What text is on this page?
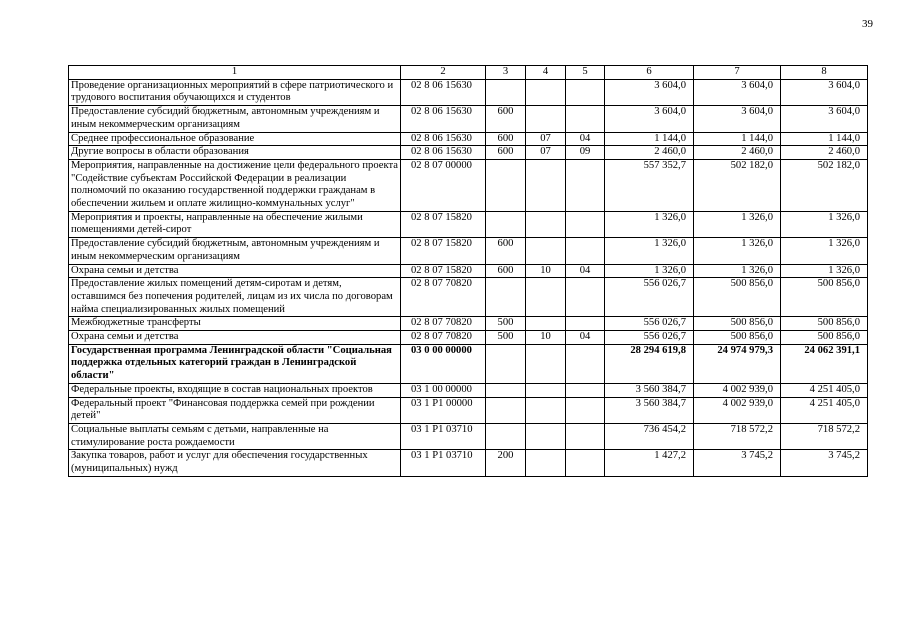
39
1	2	3	4	5	6	7	8
Проведение организационных мероприятий в сфере патриотического и трудового воспитания обучающихся и студентов	02 8 06 15630				3 604,0	3 604,0	3 604,0
Предоставление субсидий бюджетным, автономным учреждениям и иным некоммерческим организациям	02 8 06 15630	600			3 604,0	3 604,0	3 604,0
Среднее профессиональное образование	02 8 06 15630	600	07	04	1 144,0	1 144,0	1 144,0
Другие вопросы в области образования	02 8 06 15630	600	07	09	2 460,0	2 460,0	2 460,0
Мероприятия, направленные на достижение цели федерального проекта "Содействие субъектам Российской Федерации в реализации полномочий по оказанию государственной поддержки гражданам в обеспечении жильем и оплате жилищно-коммунальных услуг"	02 8 07 00000				557 352,7	502 182,0	502 182,0
Мероприятия и проекты, направленные на обеспечение жилыми помещениями детей-сирот	02 8 07 15820				1 326,0	1 326,0	1 326,0
Предоставление субсидий бюджетным, автономным учреждениям и иным некоммерческим организациям	02 8 07 15820	600			1 326,0	1 326,0	1 326,0
Охрана семьи и детства	02 8 07 15820	600	10	04	1 326,0	1 326,0	1 326,0
Предоставление жилых помещений детям-сиротам и детям, оставшимся без попечения родителей, лицам из их числа по договорам найма специализированных жилых помещений	02 8 07 70820				556 026,7	500 856,0	500 856,0
Межбюджетные трансферты	02 8 07 70820	500			556 026,7	500 856,0	500 856,0
Охрана семьи и детства	02 8 07 70820	500	10	04	556 026,7	500 856,0	500 856,0
Государственная программа Ленинградской области "Социальная поддержка отдельных категорий граждан в Ленинградской области"	03 0 00 00000				28 294 619,8	24 974 979,3	24 062 391,1
Федеральные проекты, входящие в состав национальных проектов	03 1 00 00000				3 560 384,7	4 002 939,0	4 251 405,0
Федеральный проект "Финансовая поддержка семей при рождении детей"	03 1 P1 00000				3 560 384,7	4 002 939,0	4 251 405,0
Социальные выплаты семьям с детьми, направленные на стимулирование роста рождаемости	03 1 P1 03710				736 454,2	718 572,2	718 572,2
Закупка товаров, работ и услуг для обеспечения государственных (муниципальных) нужд	03 1 P1 03710	200			1 427,2	3 745,2	3 745,2
